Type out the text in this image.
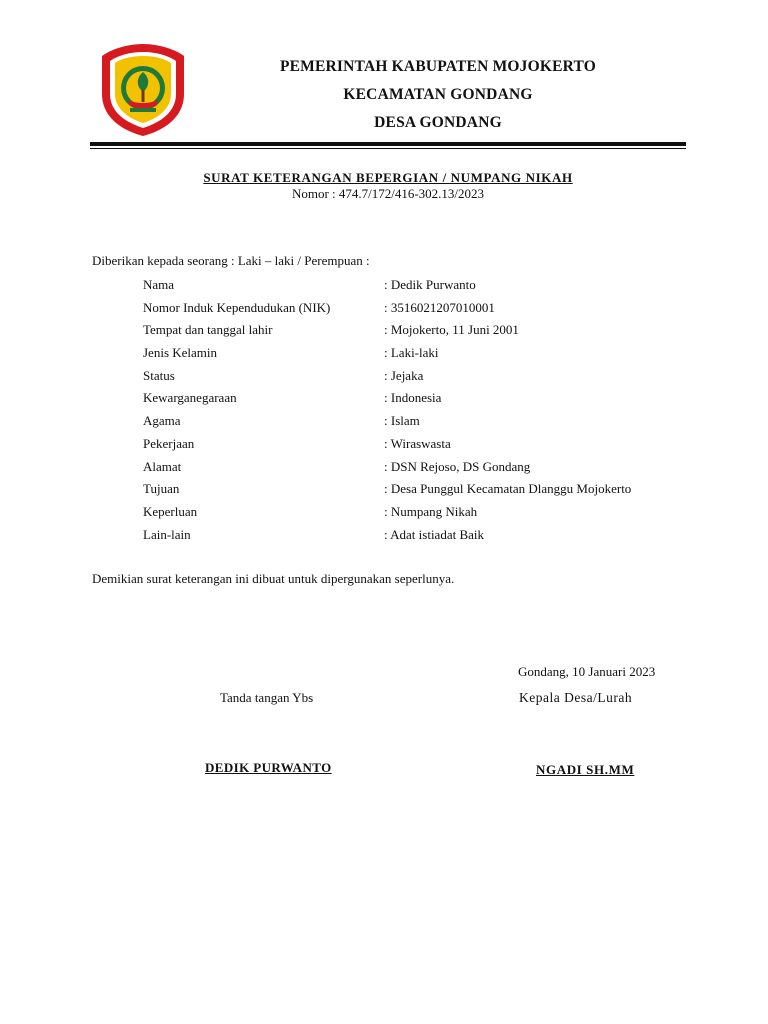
PEMERINTAH KABUPATEN MOJOKERTO
KECAMATAN GONDANG
DESA GONDANG
SURAT KETERANGAN BEPERGIAN / NUMPANG NIKAH
Nomor : 474.7/172/416-302.13/2023
Diberikan kepada seorang : Laki – laki / Perempuan :
Nama	: Dedik Purwanto
Nomor Induk Kependudukan (NIK)	: 3516021207010001
Tempat dan tanggal lahir	: Mojokerto, 11 Juni 2001
Jenis Kelamin	: Laki-laki
Status	: Jejaka
Kewarganegaraan	: Indonesia
Agama	: Islam
Pekerjaan	: Wiraswasta
Alamat	: DSN Rejoso, DS Gondang
Tujuan	: Desa Punggul Kecamatan Dlanggu Mojokerto
Keperluan	: Numpang Nikah
Lain-lain	: Adat istiadat Baik
Demikian surat keterangan ini dibuat untuk dipergunakan seperlunya.
Gondang, 10 Januari 2023
Tanda tangan Ybs	Kepala Desa/Lurah
DEDIK PURWANTO	NGADI SH.MM
